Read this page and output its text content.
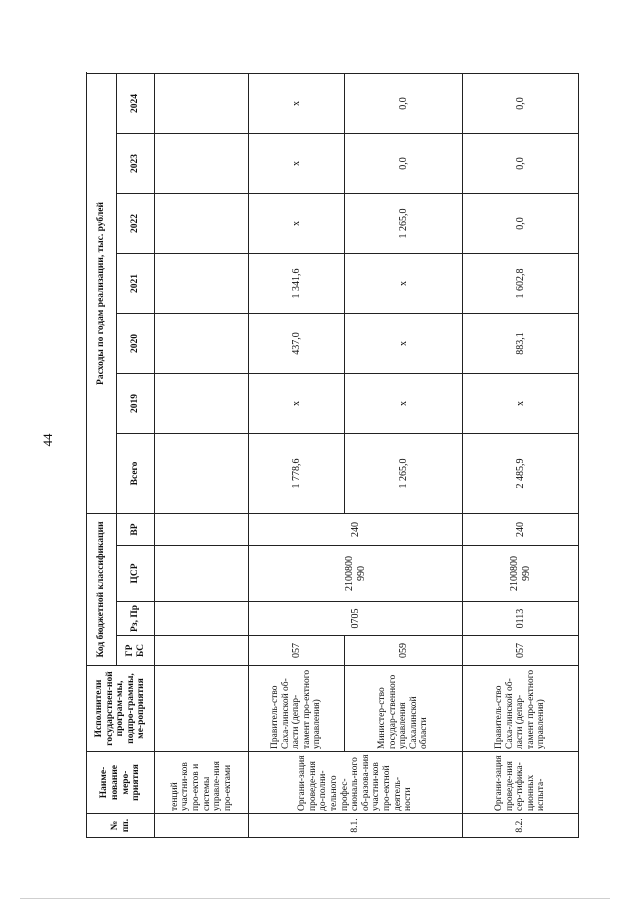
44
№ пп.	Наиме-нование меро-приятия	Исполнители государствен-ной програм-мы, подпро-граммы, ме-роприятия	Код бюджетной классификации				Расходы по годам реализации, тыс. рублей							
			ГР БС	Рз, Пр	ЦСР	ВР	Всего	2019	2020	2021	2022	2023	2024	
	тенций участни-ков про-ектов и системы управле-ния про-ектами													
8.1.	Органи-зация проведе-ния до-полни-тельного профес-сиональ-ного об-разова-ния участни-ков про-ектной деятель-ности	Правитель-ство Саха-линской об-ласти (депар-тамент про-ектного управления)	057	0705	2100800 990	240	1 778,6	х	437,0	1 341,6	х	х	х	
		Министер-ство государ-ственного управления Сахалинской области	059				1 265,0	х	х	х	1 265,0	0,0	0,0	
8.2.	Органи-зация проведе-ния сер-тифика-ционных испыта-	Правитель-ство Саха-линской об-ласти (депар-тамент про-ектного управления)	057	0113	2100800 990	240	2 485,9	х	883,1	1 602,8	0,0	0,0	0,0	
